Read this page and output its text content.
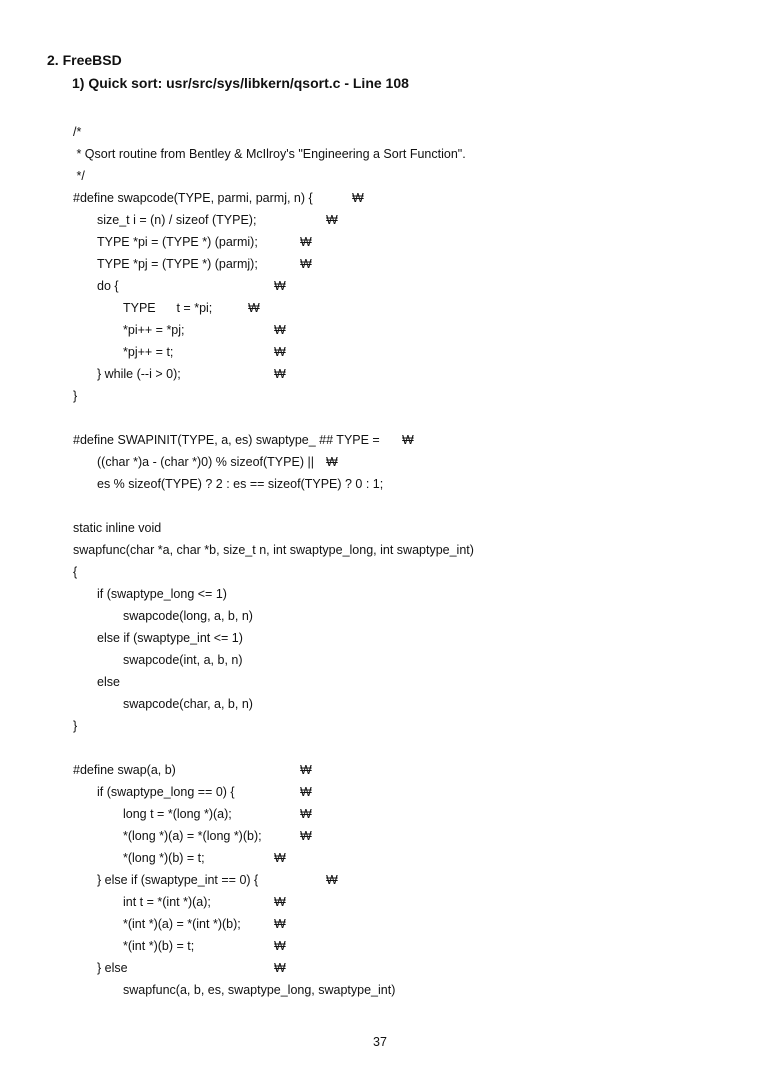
2. FreeBSD
1) Quick sort: usr/src/sys/libkern/qsort.c - Line 108
/*
* Qsort routine from Bentley & McIlroy's "Engineering a Sort Function".
*/
#define swapcode(TYPE, parmi, parmj, n) {	₩
size_t i = (n) / sizeof (TYPE);	₩
TYPE *pi = (TYPE *) (parmi);	₩
TYPE *pj = (TYPE *) (parmj);	₩
do {	₩
TYPE      t = *pi;	₩
*pi++ = *pj;	₩
*pj++ = t;	₩
} while (--i > 0);	₩
}
#define SWAPINIT(TYPE, a, es) swaptype_ ## TYPE = ₩
((char *)a - (char *)0) % sizeof(TYPE) || ₩
es % sizeof(TYPE) ? 2 : es == sizeof(TYPE) ? 0 : 1;
static inline void
swapfunc(char *a, char *b, size_t n, int swaptype_long, int swaptype_int)
{
if (swaptype_long <= 1)
swapcode(long, a, b, n)
else if (swaptype_int <= 1)
swapcode(int, a, b, n)
else
swapcode(char, a, b, n)
}
#define swap(a, b)	₩
if (swaptype_long == 0) {	₩
long t = *(long *)(a);	₩
*(long *)(a) = *(long *)(b);	₩
*(long *)(b) = t;	₩
} else if (swaptype_int == 0) {	₩
int t = *(int *)(a);	₩
*(int *)(a) = *(int *)(b);	₩
*(int *)(b) = t;	₩
} else	₩
swapfunc(a, b, es, swaptype_long, swaptype_int)
37
